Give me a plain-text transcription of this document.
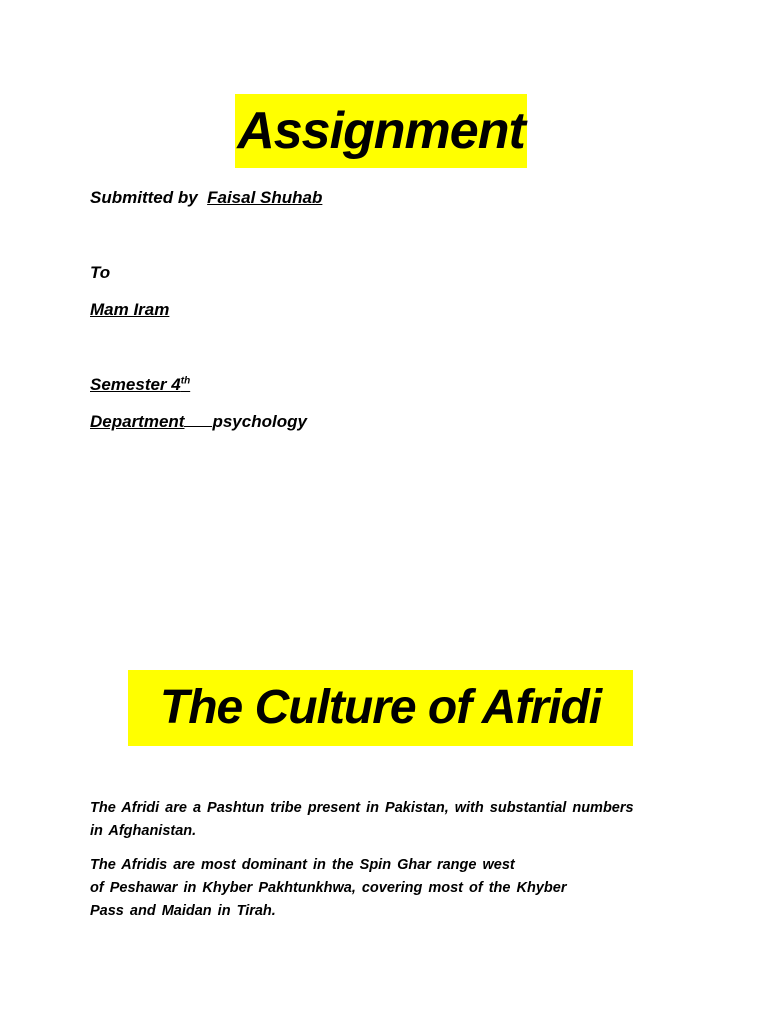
Assignment
Submitted by Faisal Shuhab
To
Mam Iram
Semester 4th
Department psychology
The Culture of Afridi
The Afridi are a Pashtun tribe present in Pakistan, with substantial numbers
in Afghanistan.
The Afridis are most dominant in the Spin Ghar range west
of Peshawar in Khyber Pakhtunkhwa, covering most of the Khyber
Pass and Maidan in Tirah.
